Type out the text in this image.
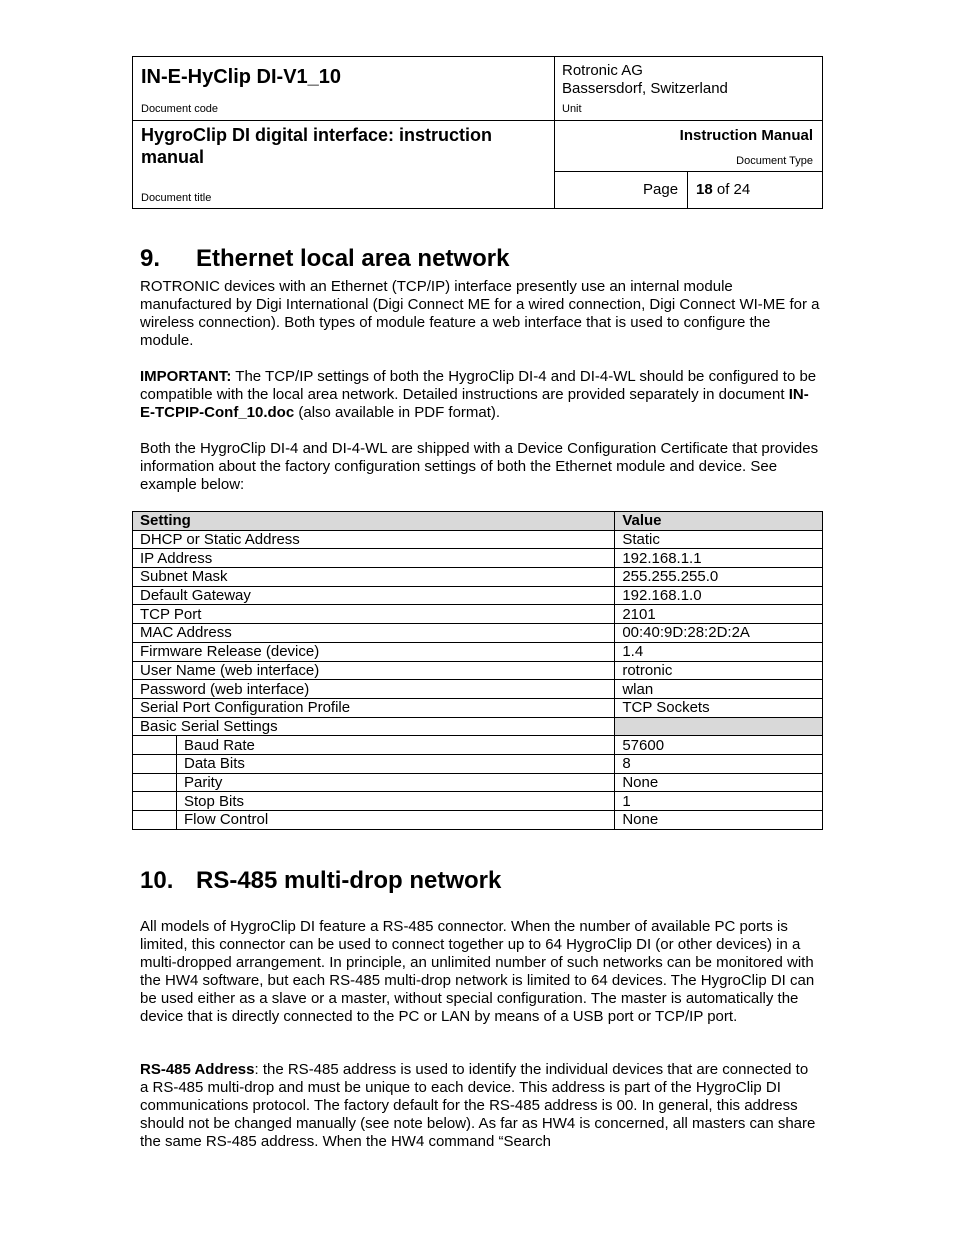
IN-E-HyClip DI-V1_10
Document code
Rotronic AG
Bassersdorf, Switzerland
Unit
HygroClip DI digital interface: instruction manual
Document title
Instruction Manual
Document Type
Page 18 of 24
9. Ethernet local area network

ROTRONIC devices with an Ethernet (TCP/IP) interface presently use an internal module manufactured by Digi International (Digi Connect ME for a wired connection, Digi Connect WI-ME for a wireless connection). Both types of module feature a web interface that is used to configure the module.

IMPORTANT: The TCP/IP settings of both the HygroClip DI-4 and DI-4-WL should be configured to be compatible with the local area network. Detailed instructions are provided separately in document IN-E-TCPIP-Conf_10.doc (also available in PDF format).

Both the HygroClip DI-4 and DI-4-WL are shipped with a Device Configuration Certificate that provides information about the factory configuration settings of both the Ethernet module and device. See example below:

Setting		Value
DHCP or Static Address		Static
IP Address		192.168.1.1
Subnet Mask		255.255.255.0
Default Gateway		192.168.1.0
TCP Port		2101
MAC Address		00:40:9D:28:2D:2A
Firmware Release (device)		1.4
User Name (web interface)		rotronic
Password (web interface)		wlan
Serial Port Configuration Profile		TCP Sockets
Basic Serial Settings		
	Baud Rate	57600
	Data Bits	8
	Parity	None
	Stop Bits	1
	Flow Control	None
10. RS-485 multi-drop network

All models of HygroClip DI feature a RS-485 connector. When the number of available PC ports is limited, this connector can be used to connect together up to 64 HygroClip DI (or other devices) in a multi-dropped arrangement. In principle, an unlimited number of such networks can be monitored with the HW4 software, but each RS-485 multi-drop network is limited to 64 devices. The HygroClip DI can be used either as a slave or a master, without special configuration. The master is automatically the device that is directly connected to the PC or LAN by means of a USB port or TCP/IP port.

RS-485 Address: the RS-485 address is used to identify the individual devices that are connected to a RS-485 multi-drop and must be unique to each device. This address is part of the HygroClip DI communications protocol. The factory default for the RS-485 address is 00. In general, this address should not be changed manually (see note below). As far as HW4 is concerned, all masters can share the same RS-485 address. When the HW4 command “Search
